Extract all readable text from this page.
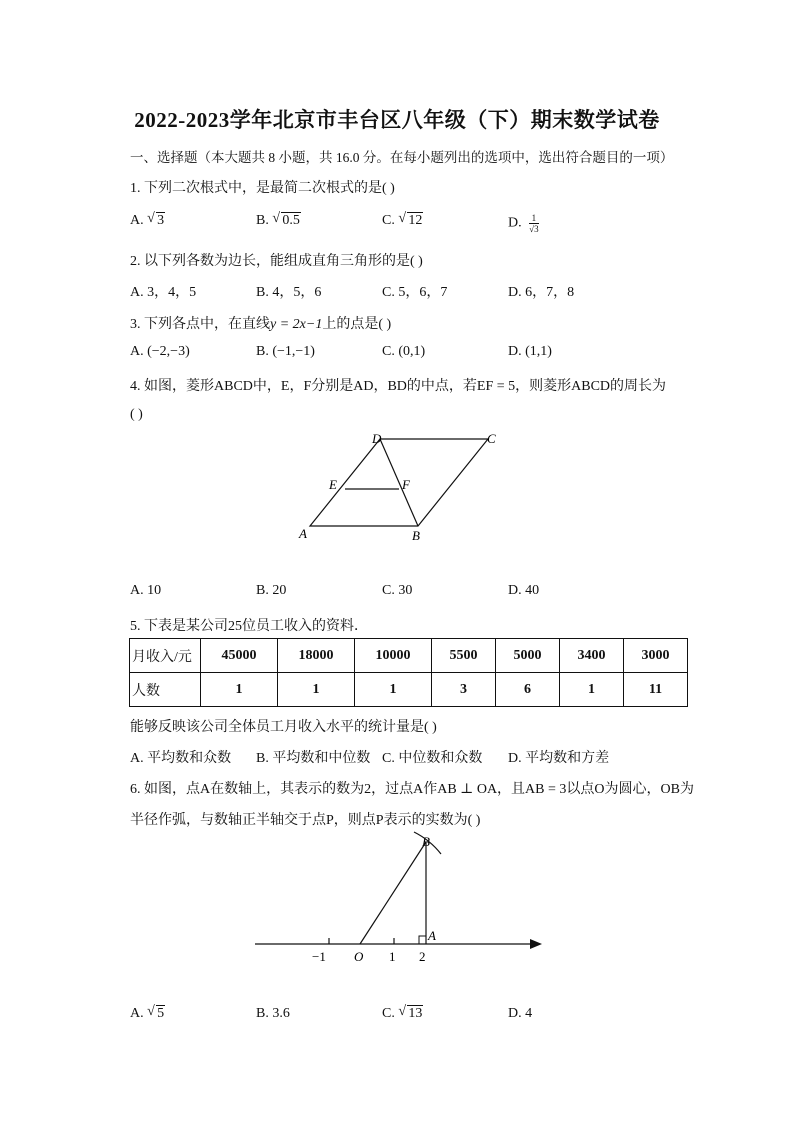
2022-2023学年北京市丰台区八年级（下）期末数学试卷
一、选择题（本大题共 8 小题，共 16.0 分。在每小题列出的选项中，选出符合题目的一项）
1. 下列二次根式中，是最简二次根式的是( )
A. √ 3	B. √ 0.5	C. √ 12	D. $\frac{1}{√3}$
2. 以下列各数为边长，能组成直角三角形的是( )
A. 3，4，5	B. 4，5，6	C. 5，6，7	D. 6，7，8
3. 下列各点中，在直线y = 2x−1上的点是( )
A. (−2,−3)	B. (−1,−1)	C. (0,1)	D. (1,1)
4. 如图，菱形ABCD中，E，F分别是AD，BD的中点，若EF = 5，则菱形ABCD的周长为
( )
D	C
E	F
A	B
A. 10	B. 20	C. 30	D. 40
5. 下表是某公司25位员工收入的资料．
月收入/元	45000	18000	10000	5500	5000	3400	3000
人数	1	1	1	3	6	1	11
能够反映该公司全体员工月收入水平的统计量是( )
A. 平均数和众数 B. 平均数和中位数 C. 中位数和众数 D. 平均数和方差
6. 如图，点A在数轴上，其表示的数为2，过点A作AB ⊥ OA，且AB = 3以点O为圆心，OB为
半径作弧，与数轴正半轴交于点P，则点P表示的实数为( )
B
A
−1 O 1 2
A. √ 5	B. 3.6	C. √ 13	D. 4
